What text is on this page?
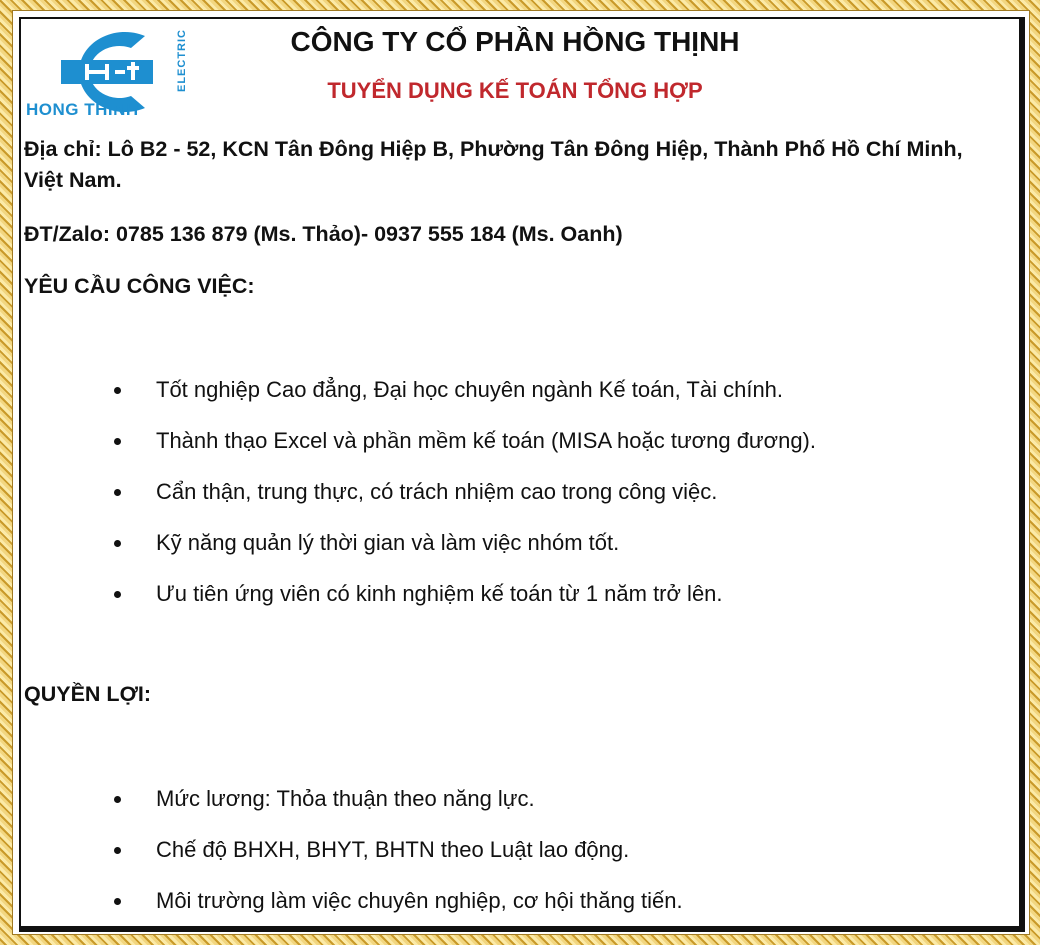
H-t
HONG THINH
ELECTRIC	CÔNG TY CỔ PHẦN HỒNG THỊNH
TUYỂN DỤNG KẾ TOÁN TỔNG HỢP
Địa chỉ: Lô B2 - 52, KCN Tân Đông Hiệp B, Phường Tân Đông Hiệp, Thành Phố Hồ Chí Minh, Việt Nam.
ĐT/Zalo: 0785 136 879 (Ms. Thảo)- 0937 555 184 (Ms. Oanh)
YÊU CẦU CÔNG VIỆC:
Tốt nghiệp Cao đẳng, Đại học chuyên ngành Kế toán, Tài chính.
Thành thạo Excel và phần mềm kế toán (MISA hoặc tương đương).
Cẩn thận, trung thực, có trách nhiệm cao trong công việc.
Kỹ năng quản lý thời gian và làm việc nhóm tốt.
Ưu tiên ứng viên có kinh nghiệm kế toán từ 1 năm trở lên.
QUYỀN LỢI:
Mức lương: Thỏa thuận theo năng lực.
Chế độ BHXH, BHYT, BHTN theo Luật lao động.
Môi trường làm việc chuyên nghiệp, cơ hội thăng tiến.
